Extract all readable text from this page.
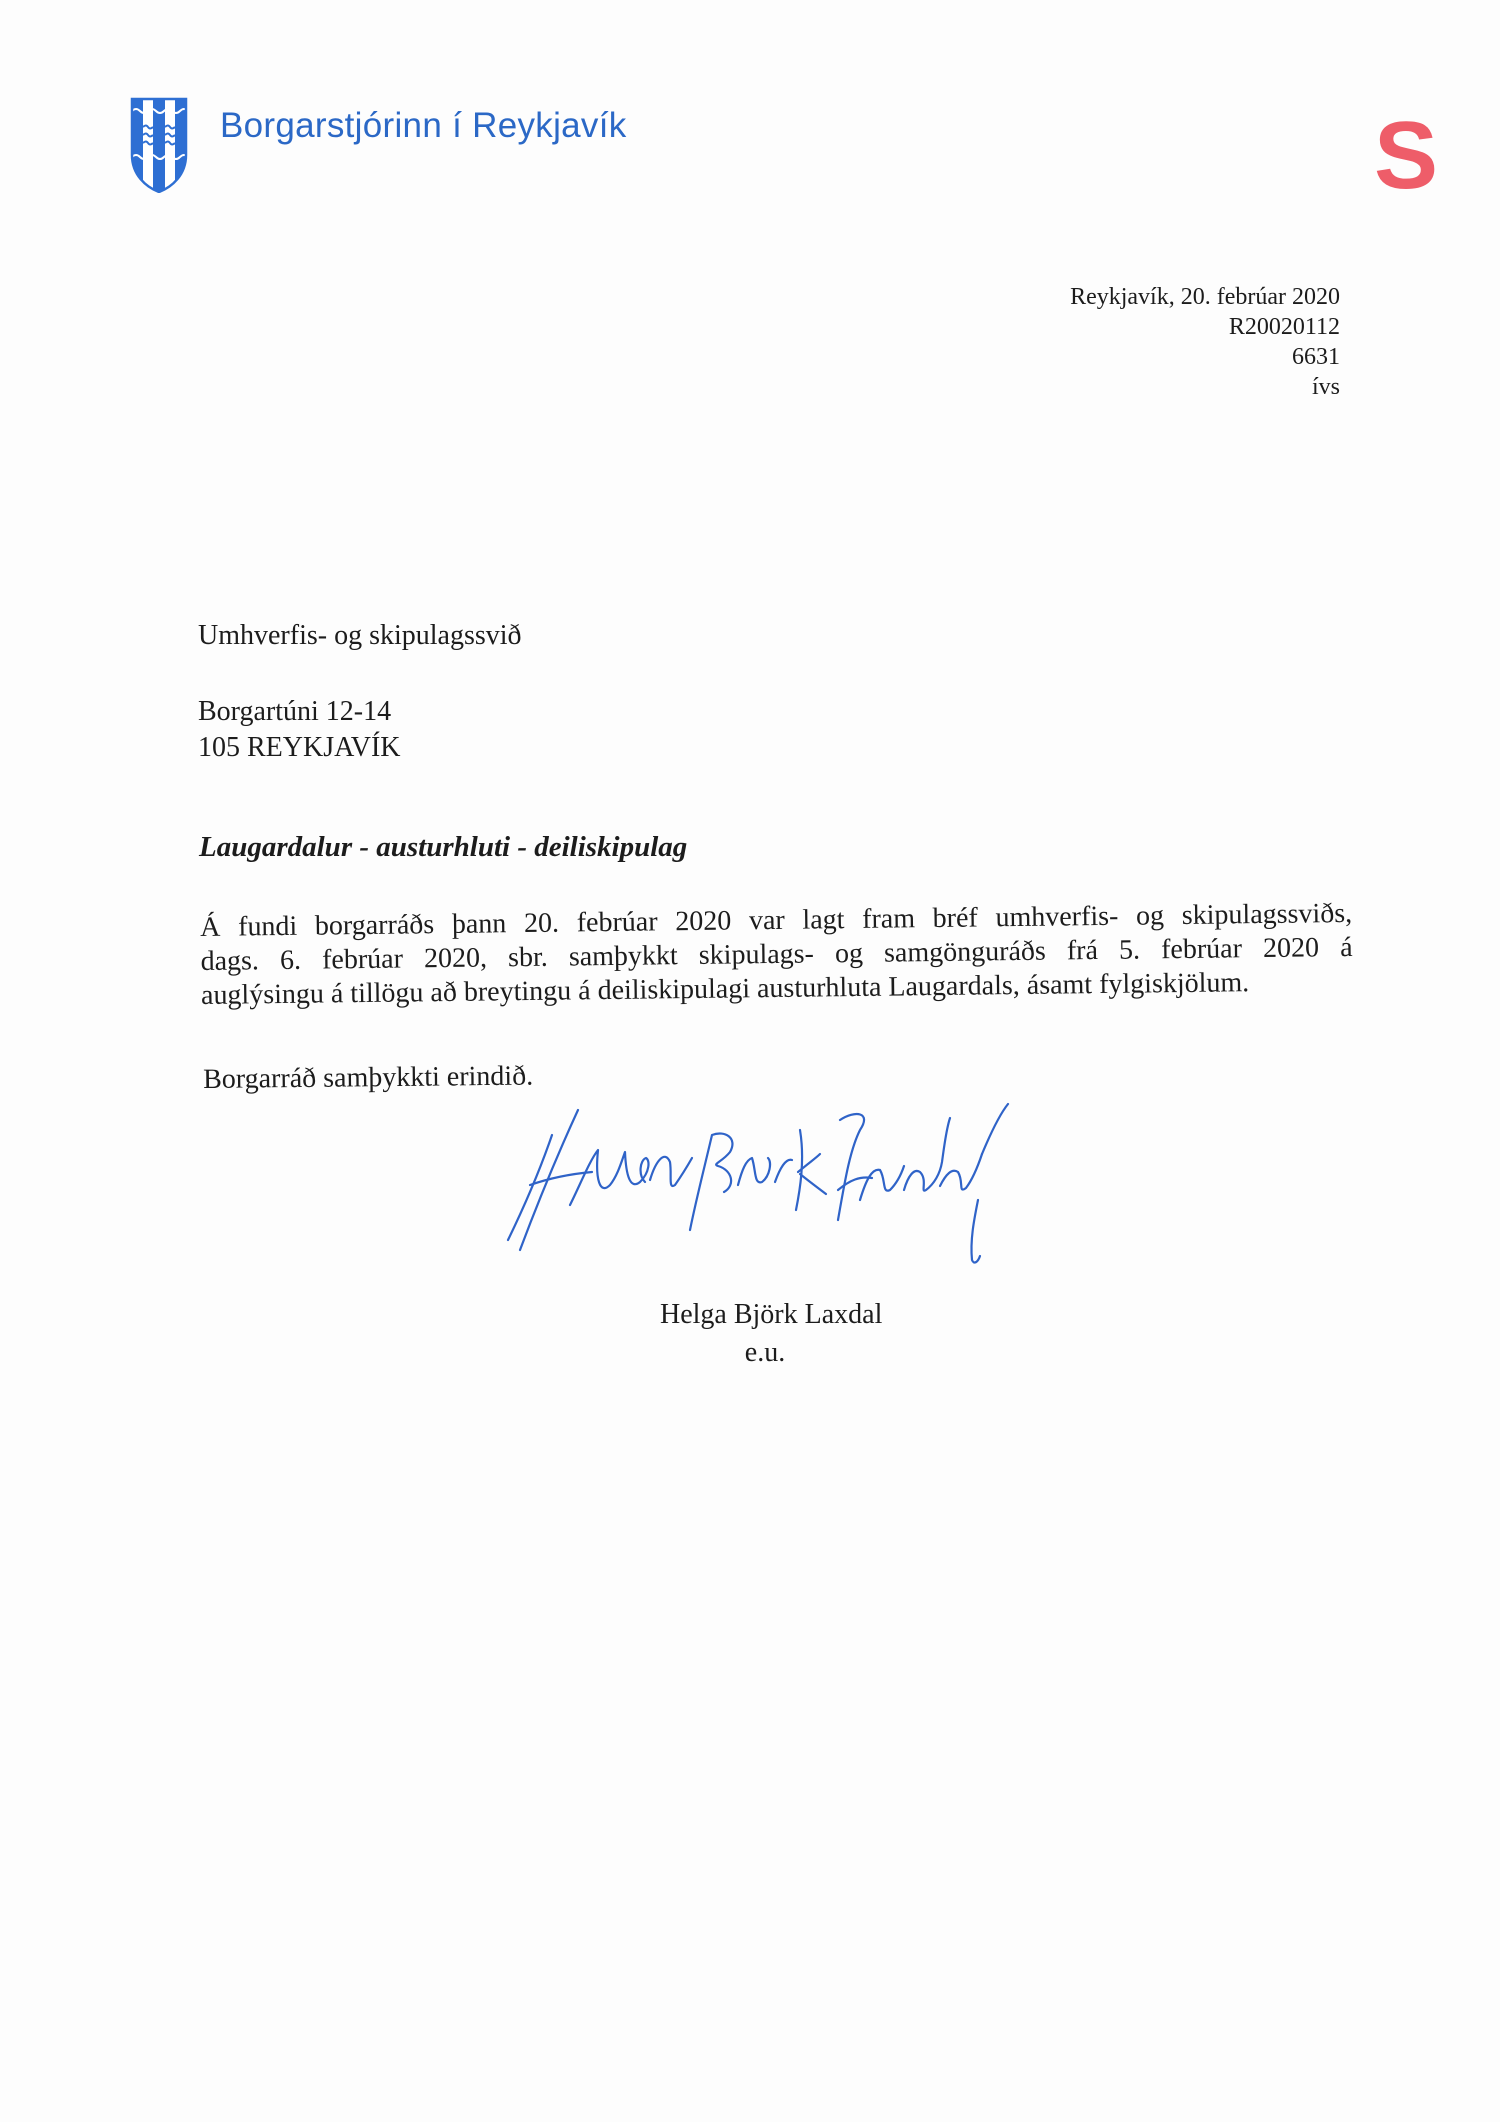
Borgarstjórinn í Reykjavík	S
Reykjavík, 20. febrúar 2020
R20020112
6631
ívs
Umhverfis- og skipulagssvið
Borgartúni 12-14
105 REYKJAVÍK
Laugardalur - austurhluti - deiliskipulag
Á fundi borgarráðs þann 20. febrúar 2020 var lagt fram bréf umhverfis- og skipulagssviðs,
dags. 6. febrúar 2020, sbr. samþykkt skipulags- og samgönguráðs frá 5. febrúar 2020 á
auglýsingu á tillögu að breytingu á deiliskipulagi austurhluta Laugardals, ásamt fylgiskjölum.
Borgarráð samþykkti erindið.
Helga Björk Laxdal
e.u.
